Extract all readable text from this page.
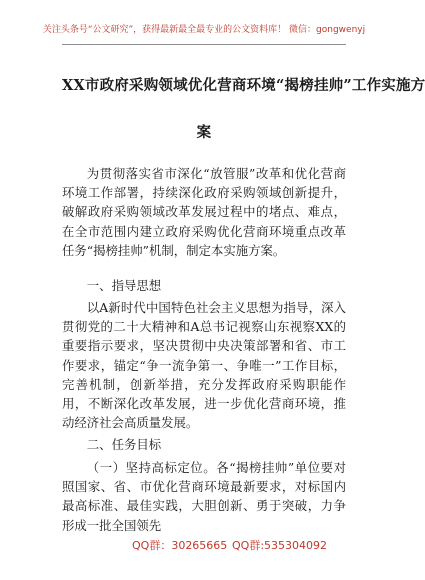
关注头条号“公文研究”，获得最新最全最专业的公文资料库！ 微信：gongwenyj
XX市政府采购领域优化营商环境“揭榜挂帅”工作实施方
案
为贯彻落实省市深化“放管服”改革和优化营商环境工作部署，持续深化政府采购领域创新提升，破解政府采购领域改革发展过程中的堵点、难点，在全市范围内建立政府采购优化营商环境重点改革任务“揭榜挂帅”机制，制定本实施方案。
一、指导思想
以A新时代中国特色社会主义思想为指导，深入贯彻党的二十大精神和A总书记视察山东视察XX的重要指示要求，坚决贯彻中央决策部署和省、市工作要求，锚定“争一流争第一、争唯一”工作目标，完善机制，创新举措，充分发挥政府采购职能作用，不断深化改革发展，进一步优化营商环境，推动经济社会高质量发展。
二、任务目标
（一）坚持高标定位。各“揭榜挂帅”单位要对照国家、省、市优化营商环境最新要求，对标国内最高标准、最佳实践，大胆创新、勇于突破，力争形成一批全国领先
QQ群：30265665 QQ群:535304092
